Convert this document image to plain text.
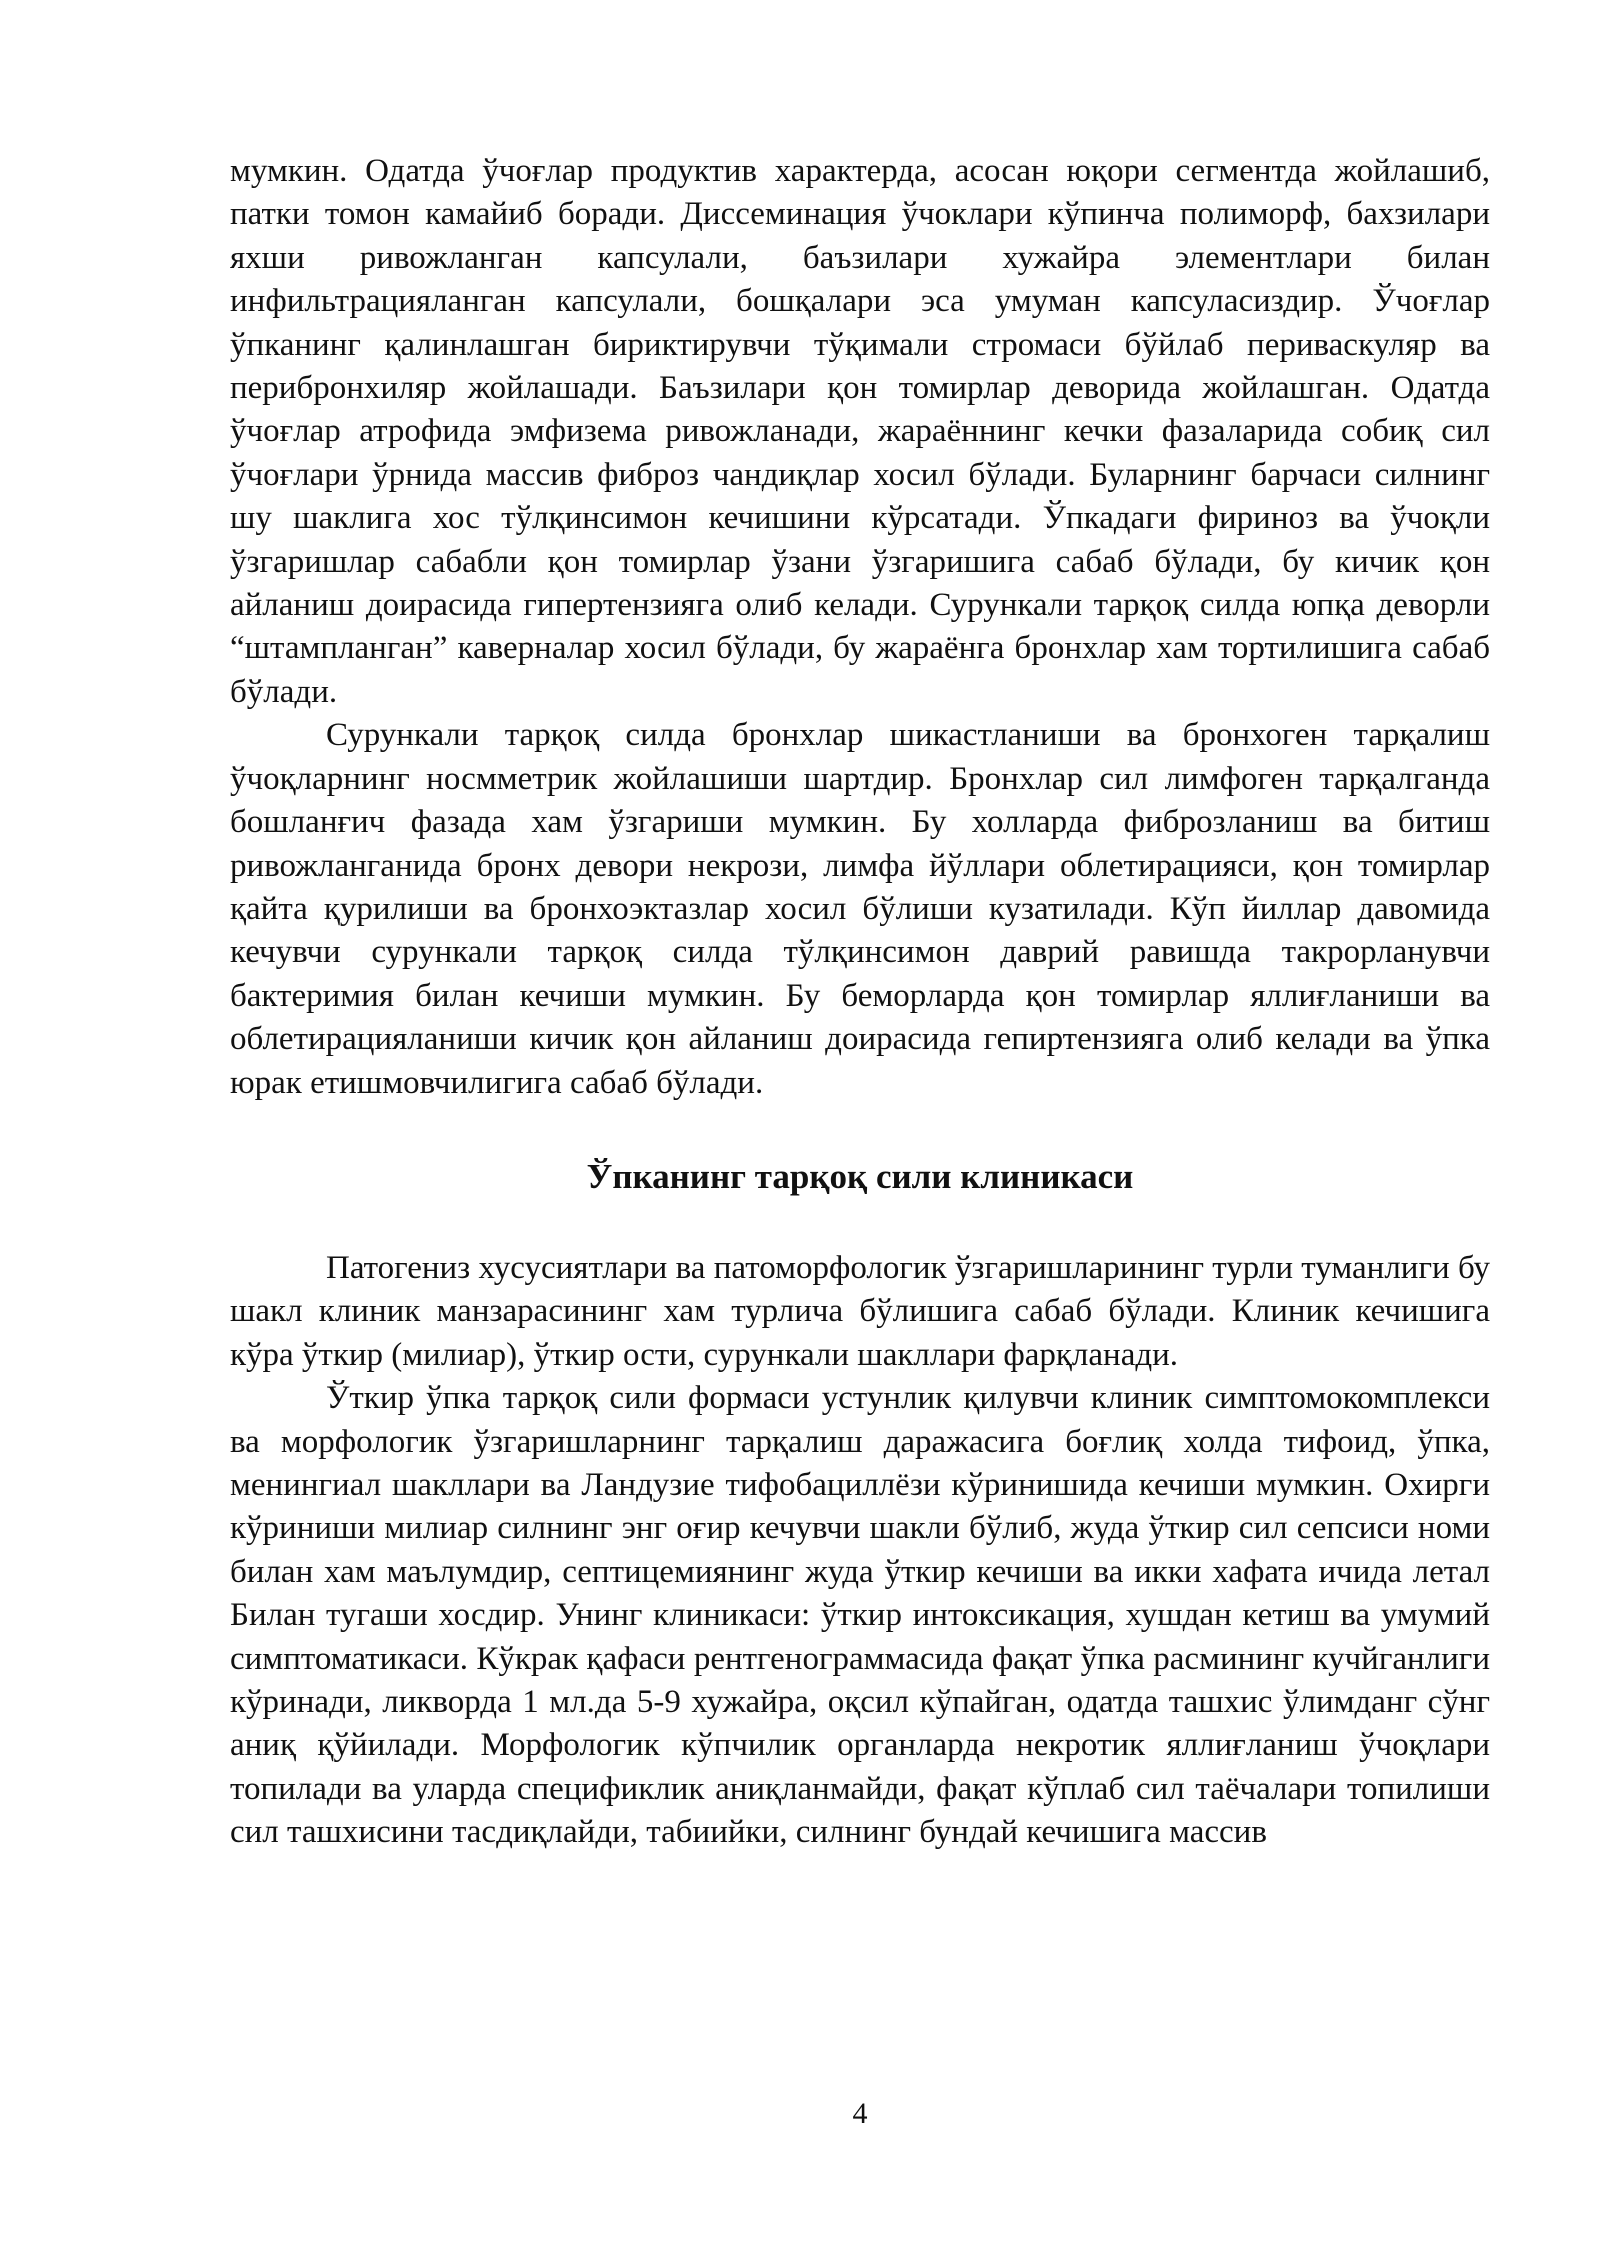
мумкин. Одатда ўчоғлар продуктив характерда, асосан юқори сегментда жойлашиб, патки томон камайиб боради. Диссеминация ўчоклари кўпинча полиморф, бахзилари яхши ривожланган капсулали, баъзилари хужайра элементлари билан инфильтрацияланган капсулали, бошқалари эса умуман капсуласиздир. Ўчоғлар ўпканинг қалинлашган бириктирувчи тўқимали стромаси бўйлаб периваскуляр ва перибронхиляр жойлашади. Баъзилари қон томирлар деворида жойлашган. Одатда ўчоғлар атрофида эмфизема ривожланади, жараённинг кечки фазаларида собиқ сил ўчоғлари ўрнида массив фиброз чандиқлар хосил бўлади. Буларнинг барчаси силнинг шу шаклига хос тўлқинсимон кечишини кўрсатади. Ўпкадаги фириноз ва ўчоқли ўзгаришлар сабабли қон томирлар ўзани ўзгаришига сабаб бўлади, бу кичик қон айланиш доирасида гипертензияга олиб келади. Сурункали тарқоқ силда юпқа деворли “штампланган” каверналар хосил бўлади, бу жараёнга бронхлар хам тортилишига сабаб бўлади.

Сурункали тарқоқ силда бронхлар шикастланиши ва бронхоген тарқалиш ўчоқларнинг носмметрик жойлашиши шартдир. Бронхлар сил лимфоген тарқалганда бошланғич фазада хам ўзгариши мумкин. Бу холларда фиброзланиш ва битиш ривожланганида бронх девори некрози, лимфа йўллари облетирацияси, қон томирлар қайта қурилиши ва бронхоэктазлар хосил бўлиши кузатилади. Кўп йиллар давомида кечувчи сурункали тарқоқ силда тўлқинсимон даврий равишда такрорланувчи бактеримия билан кечиши мумкин. Бу беморларда қон томирлар яллиғланиши ва облетирацияланиши кичик қон айланиш доирасида гепиртензияга олиб келади ва ўпка юрак етишмовчилигига сабаб бўлади.

Ўпканинг тарқоқ сили клиникаси

Патогениз хусусиятлари ва патоморфологик ўзгаришларининг турли туманлиги бу шакл клиник манзарасининг хам турлича бўлишига сабаб бўлади. Клиник кечишига кўра ўткир (милиар), ўткир ости, сурункали шакллари фарқланади.

Ўткир ўпка тарқоқ сили формаси устунлик қилувчи клиник симптомокомплекси ва морфологик ўзгаришларнинг тарқалиш даражасига боғлиқ холда тифоид, ўпка, менингиал шакллари ва Ландузие тифобациллёзи кўринишида кечиши мумкин. Охирги кўриниши милиар силнинг энг оғир кечувчи шакли бўлиб, жуда ўткир сил сепсиси номи билан хам маълумдир, септицемиянинг жуда ўткир кечиши ва икки хафата ичида летал Билан тугаши хосдир. Унинг клиникаси: ўткир интоксикация, хушдан кетиш ва умумий симптоматикаси. Кўкрак қафаси рентгенограммасида фақат ўпка расмининг кучйганлиги кўринади, ликворда 1 мл.да 5-9 хужайра, оқсил кўпайган, одатда ташхис ўлимданг сўнг аниқ қўйилади. Морфологик кўпчилик органларда некротик яллиғланиш ўчоқлари топилади ва уларда спецификлик аниқланмайди, фақат кўплаб сил таёчалари топилиши сил ташхисини тасдиқлайди, табиийки, силнинг бундай кечишига массив

4
